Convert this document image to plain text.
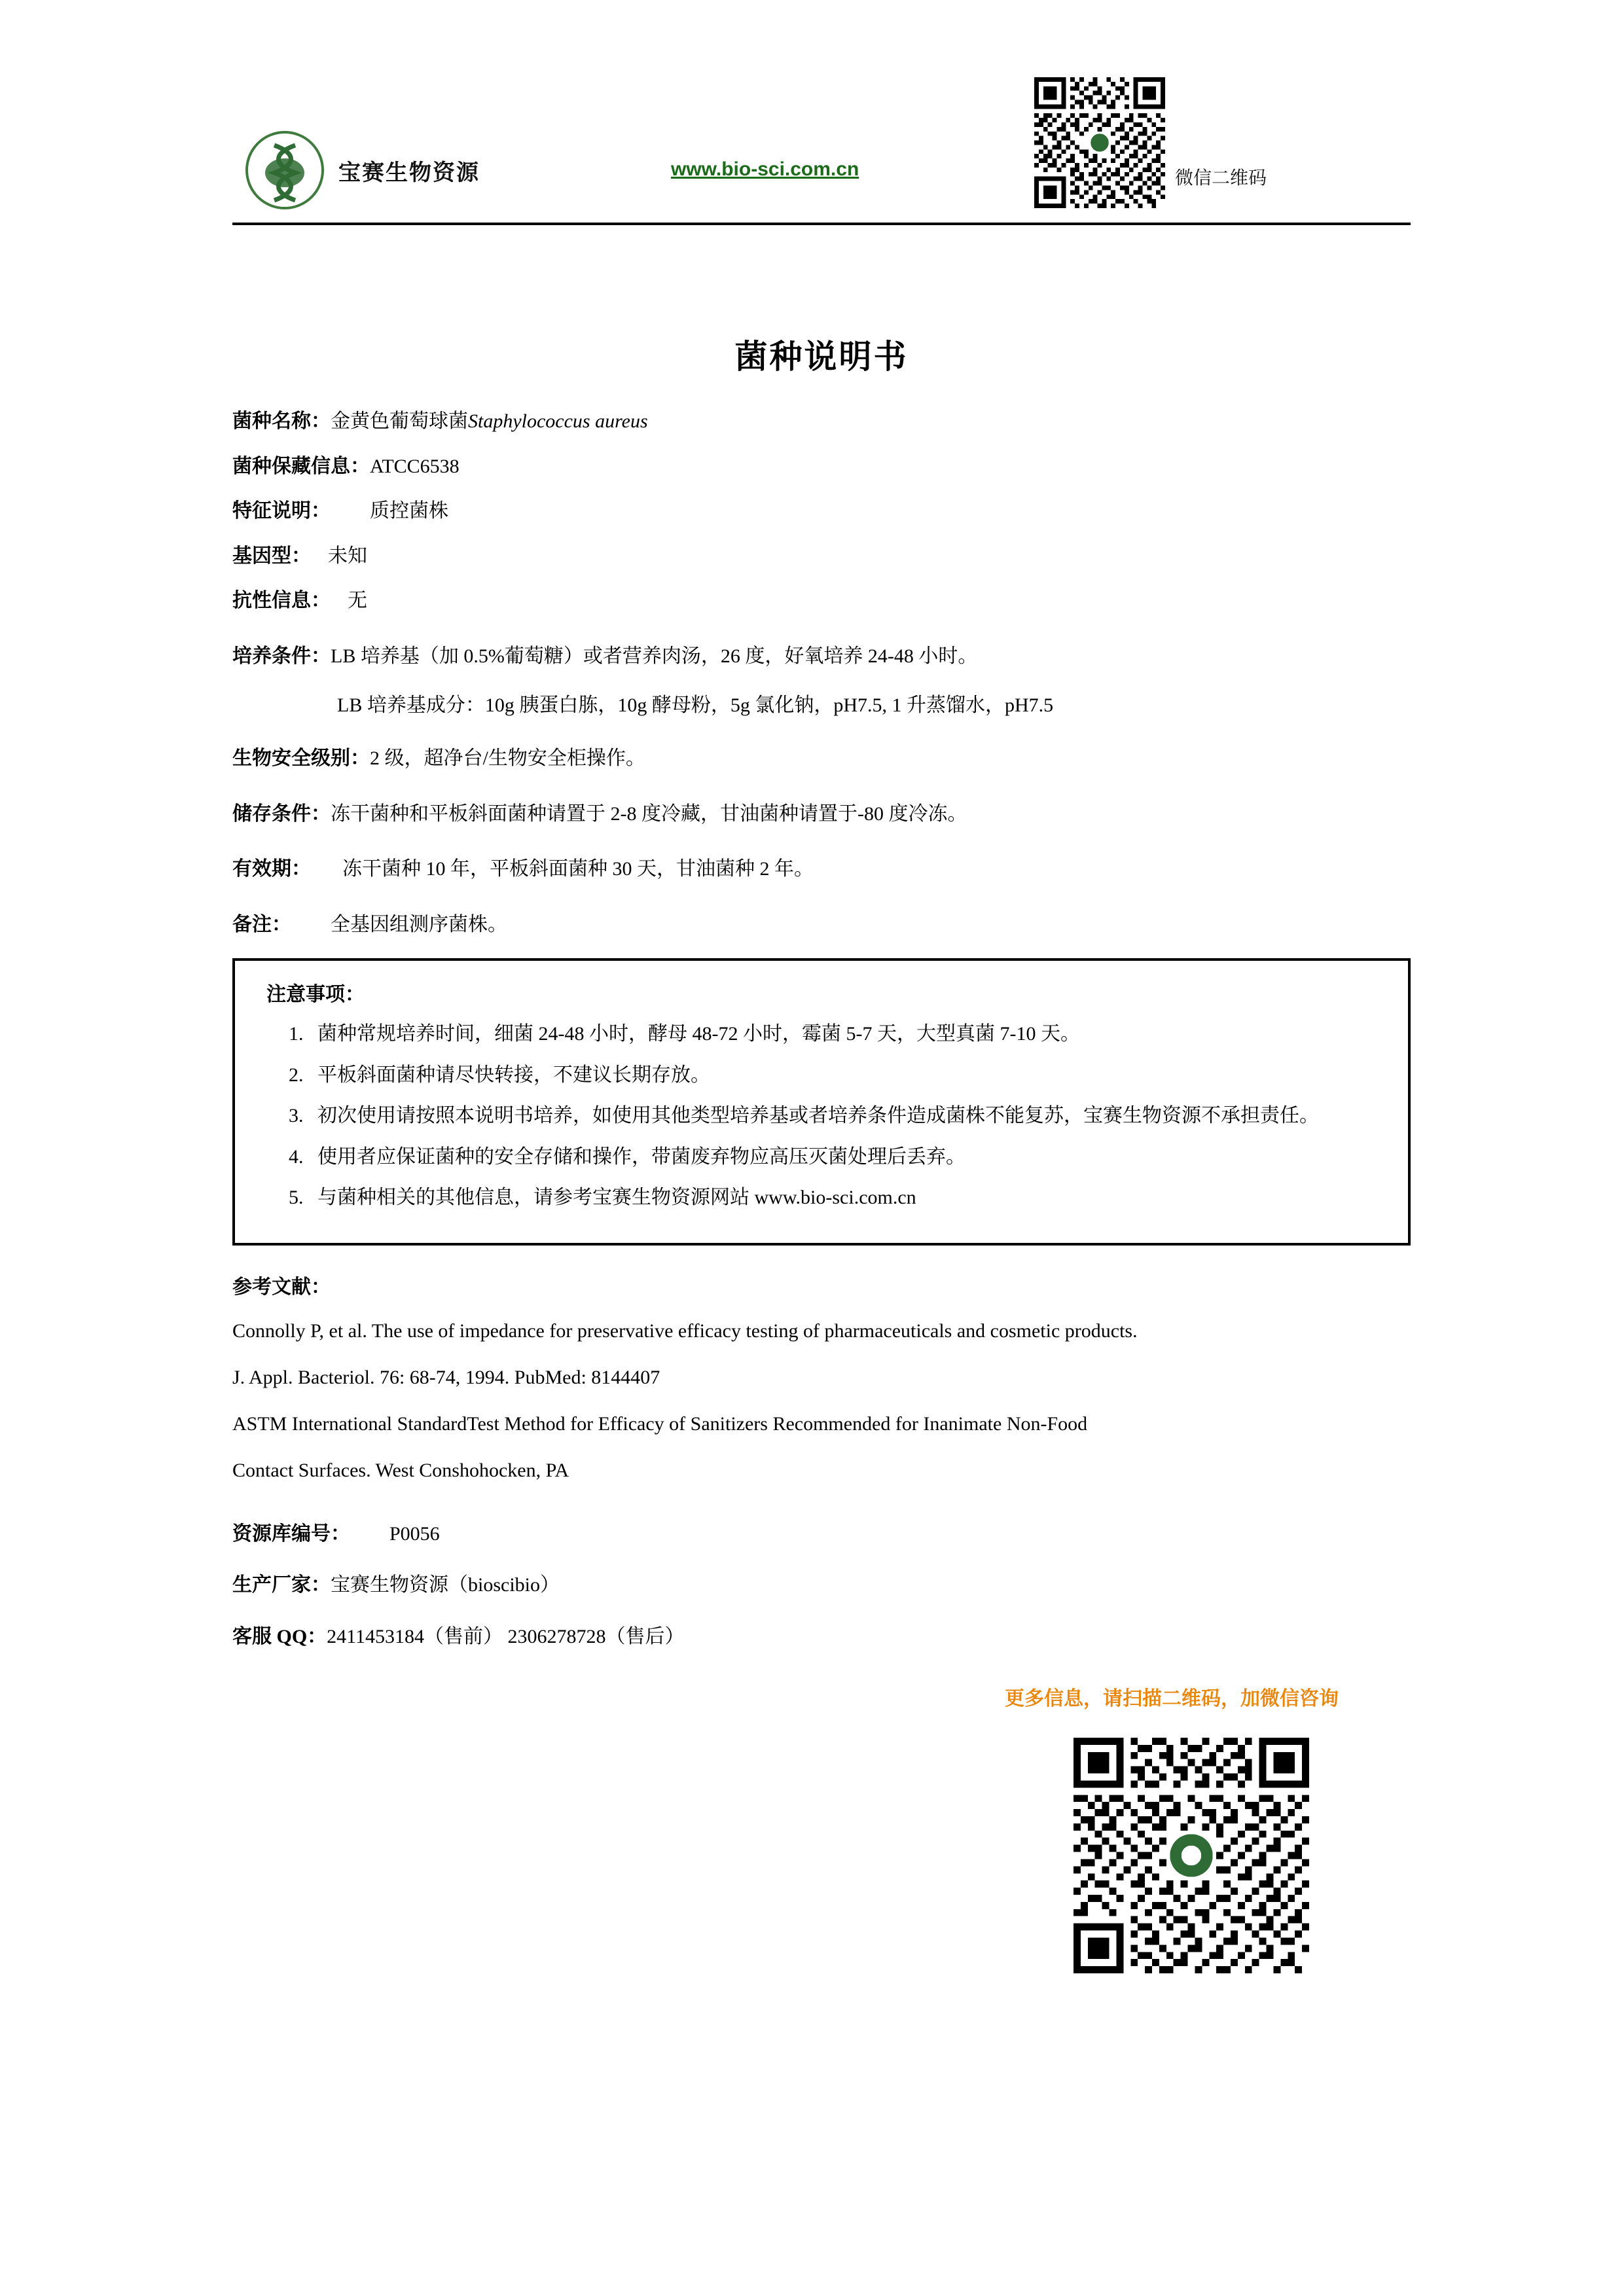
宝赛生物资源	www.bio-sci.com.cn	微信二维码
菌种说明书
菌种名称 ： 金黄色葡萄球菌 Staphylococcus aureus
菌种保藏信息 ： ATCC6538
特征说明 ：	质控菌株
基因型 ： 未知
抗性信息 ： 无
培养条件 ： LB 培养基（加 0.5%葡萄糖）或者营养肉汤，26 度，好氧培养 24-48 小时。
LB 培养基成分：10g 胰蛋白胨，10g 酵母粉，5g 氯化钠，pH7.5, 1 升蒸馏水，pH7.5
生物安全级别 ： 2 级，超净台/生物安全柜操作。
储存条件 ： 冻干菌种和平板斜面菌种请置于 2-8 度冷藏，甘油菌种请置于-80 度冷冻。
有效期 ：	冻干菌种 10 年，平板斜面菌种 30 天，甘油菌种 2 年。
备注 ：	全基因组测序菌株。
注意事项：
1. 菌种常规培养时间，细菌 24-48 小时，酵母 48-72 小时，霉菌 5-7 天，大型真菌 7-10 天。
2. 平板斜面菌种请尽快转接，不建议长期存放。
3. 初次使用请按照本说明书培养，如使用其他类型培养基或者培养条件造成菌株不能复苏，宝赛生物资源不承担责任。
4. 使用者应保证菌种的安全存储和操作，带菌废弃物应高压灭菌处理后丢弃。
5. 与菌种相关的其他信息，请参考宝赛生物资源网站 www.bio-sci.com.cn
参考文献：
Connolly P, et al. The use of impedance for preservative efficacy testing of pharmaceuticals and cosmetic products.
J. Appl. Bacteriol. 76: 68-74, 1994. PubMed: 8144407
ASTM International StandardTest Method for Efficacy of Sanitizers Recommended for Inanimate Non-Food
Contact Surfaces. West Conshohocken, PA
资源库编号 ：	P0056
生产厂家 ： 宝赛生物资源（bioscibio）
客服 QQ ： 2411453184（售前） 2306278728（售后）
更多信息，请扫描二维码，加微信咨询
